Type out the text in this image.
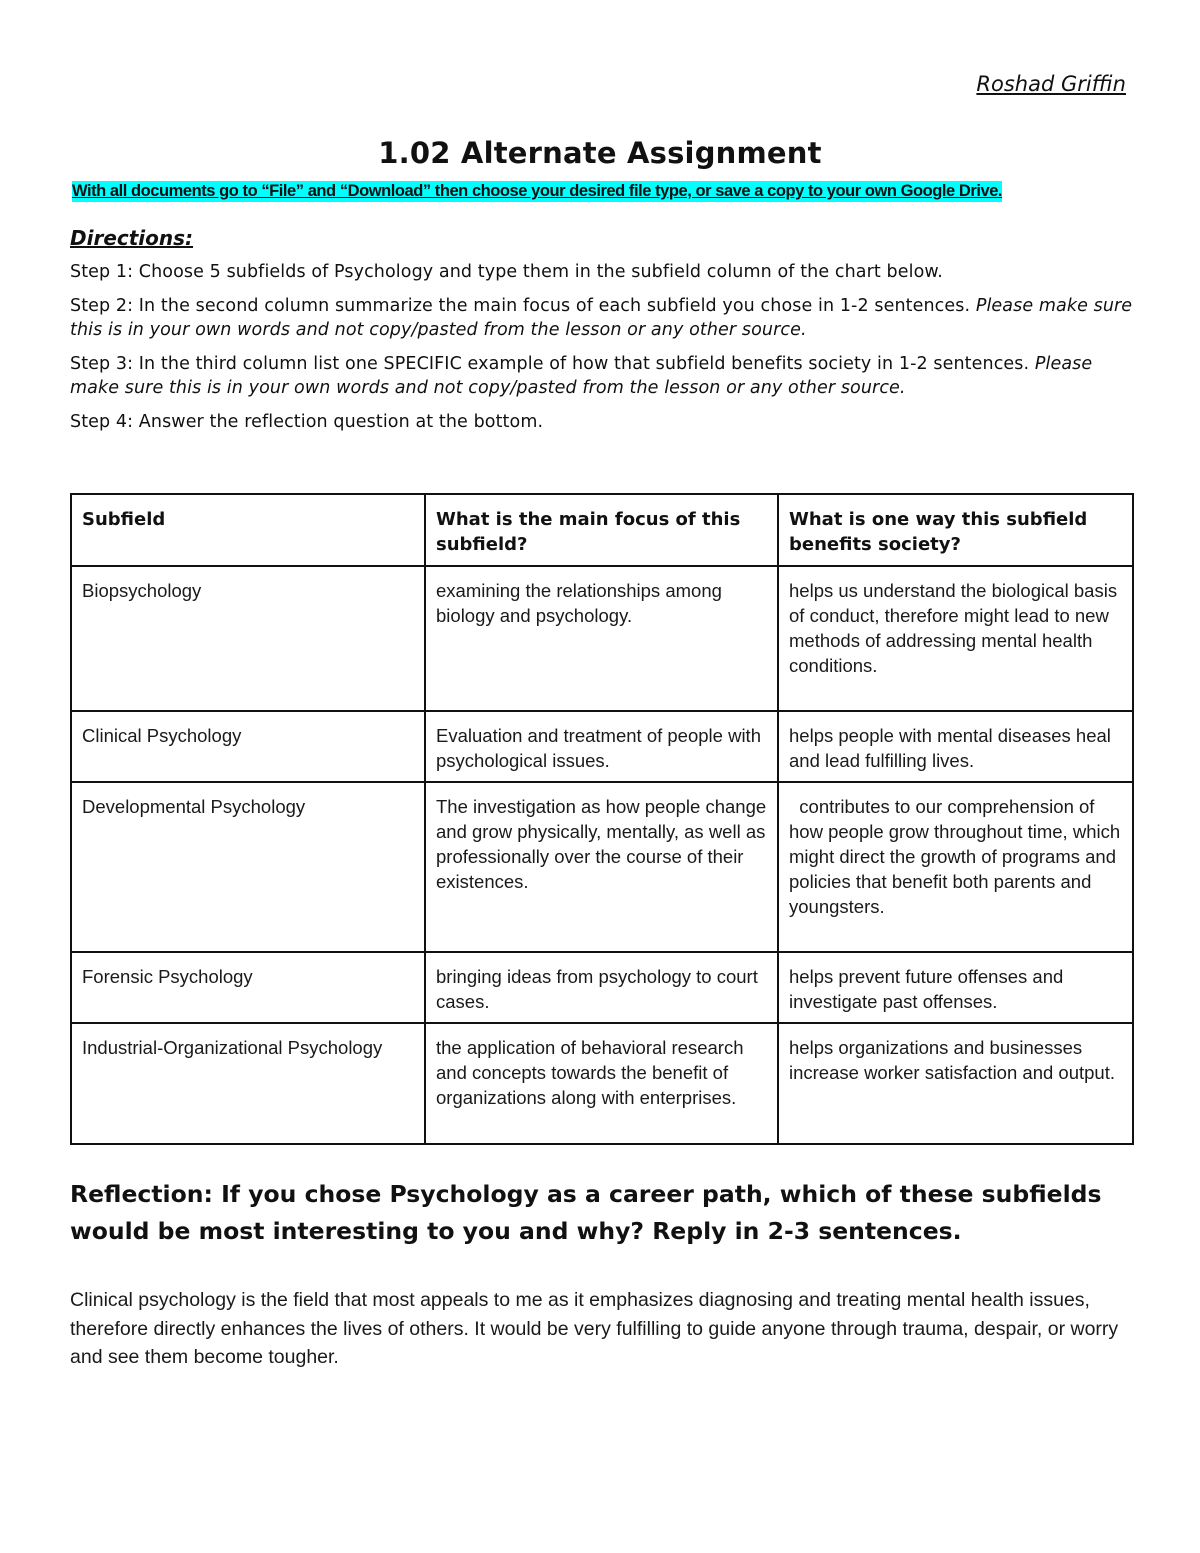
Roshad Griffin
1.02 Alternate Assignment
With all documents go to “File” and “Download” then choose your desired file type, or save a copy to your own Google Drive.
Directions:
Step 1: Choose 5 subfields of Psychology and type them in the subfield column of the chart below.
Step 2: In the second column summarize the main focus of each subfield you chose in 1-2 sentences. Please make sure this is in your own words and not copy/pasted from the lesson or any other source.
Step 3: In the third column list one SPECIFIC example of how that subfield benefits society in 1-2 sentences. Please make sure this is in your own words and not copy/pasted from the lesson or any other source.
Step 4: Answer the reflection question at the bottom.
Subfield	What is the main focus of this subfield?	What is one way this subfield benefits society?
Biopsychology	examining the relationships among biology and psychology.	helps us understand the biological basis of conduct, therefore might lead to new methods of addressing mental health conditions.
Clinical Psychology	Evaluation and treatment of people with psychological issues.	helps people with mental diseases heal and lead fulfilling lives.
Developmental Psychology	The investigation as how people change and grow physically, mentally, as well as professionally over the course of their existences.	contributes to our comprehension of how people grow throughout time, which might direct the growth of programs and policies that benefit both parents and youngsters.
Forensic Psychology	bringing ideas from psychology to court cases.	helps prevent future offenses and investigate past offenses.
Industrial-Organizational Psychology	the application of behavioral research and concepts towards the benefit of organizations along with enterprises.	helps organizations and businesses increase worker satisfaction and output.
Reflection: If you chose Psychology as a career path, which of these subfields would be most interesting to you and why? Reply in 2-3 sentences.
Clinical psychology is the field that most appeals to me as it emphasizes diagnosing and treating mental health issues, therefore directly enhances the lives of others. It would be very fulfilling to guide anyone through trauma, despair, or worry and see them become tougher.
